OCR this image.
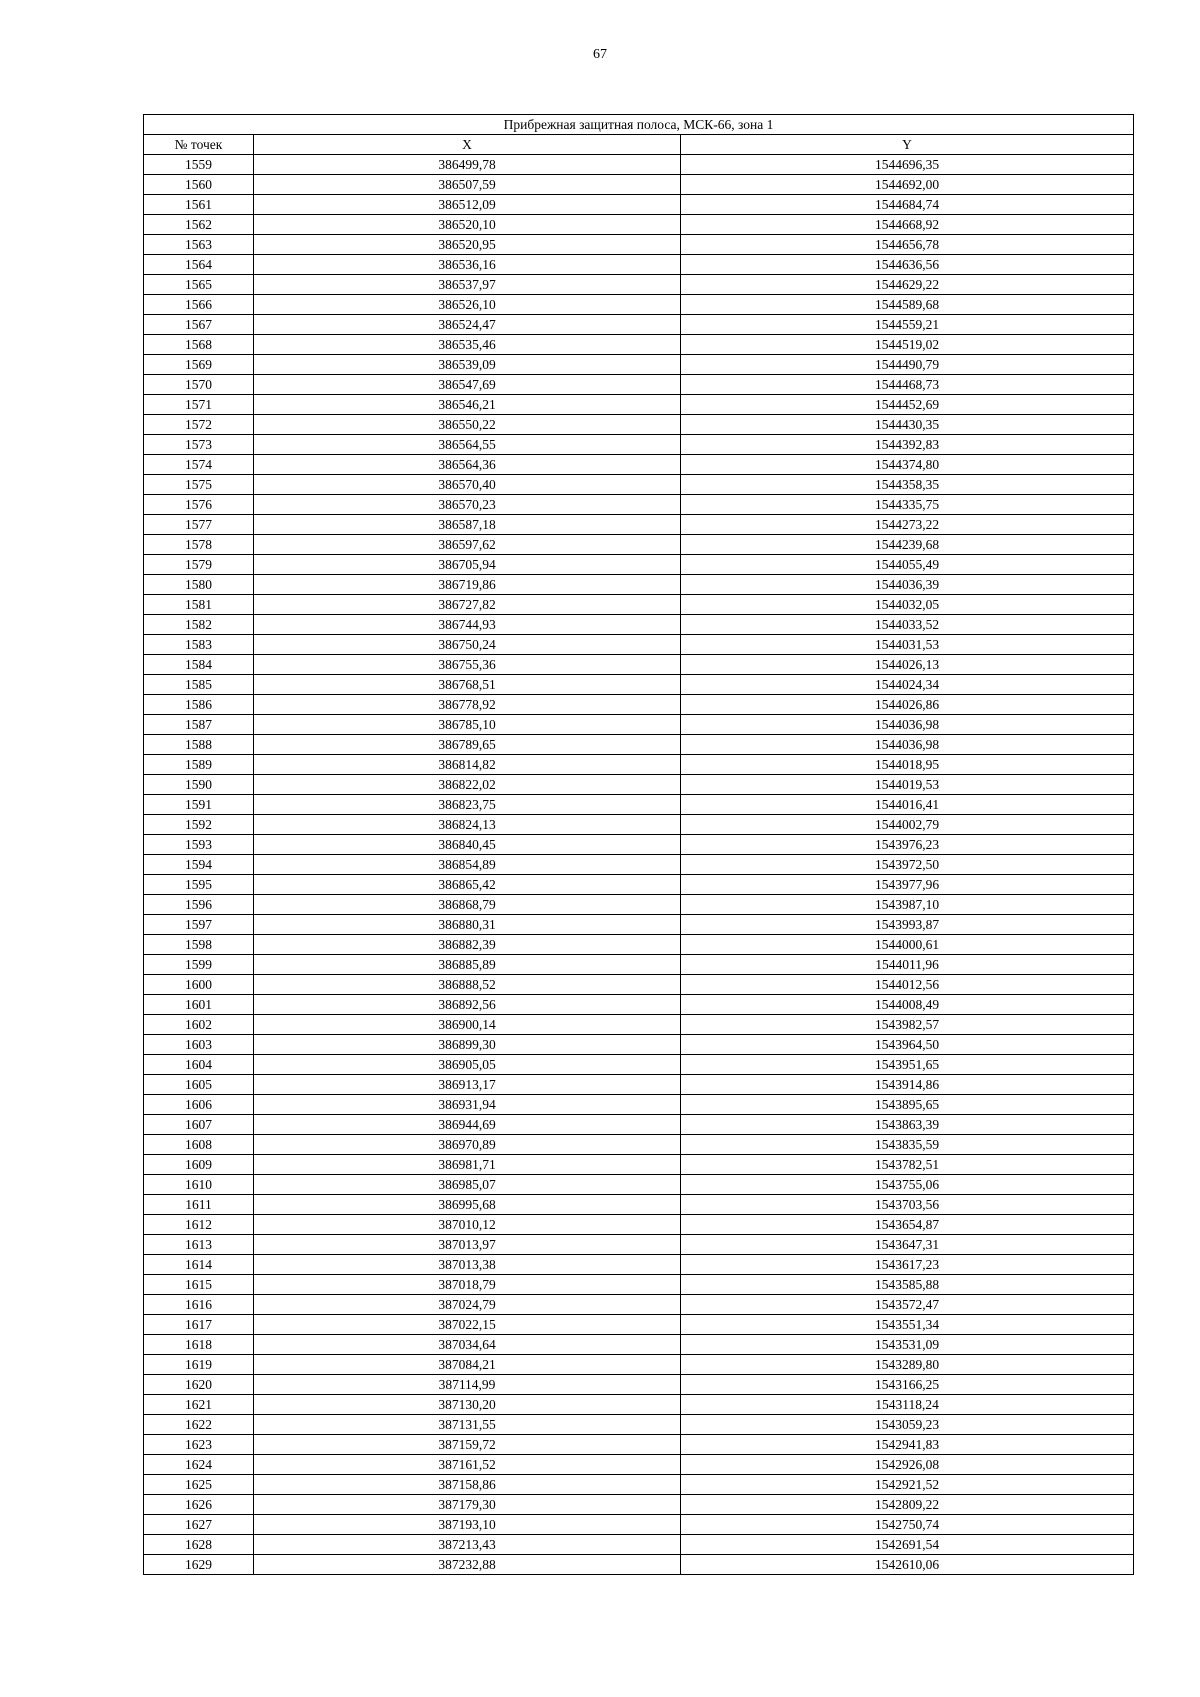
67
Прибрежная защитная полоса, МСК-66, зона 1		
№ точек	X	Y
1559	386499,78	1544696,35
1560	386507,59	1544692,00
1561	386512,09	1544684,74
1562	386520,10	1544668,92
1563	386520,95	1544656,78
1564	386536,16	1544636,56
1565	386537,97	1544629,22
1566	386526,10	1544589,68
1567	386524,47	1544559,21
1568	386535,46	1544519,02
1569	386539,09	1544490,79
1570	386547,69	1544468,73
1571	386546,21	1544452,69
1572	386550,22	1544430,35
1573	386564,55	1544392,83
1574	386564,36	1544374,80
1575	386570,40	1544358,35
1576	386570,23	1544335,75
1577	386587,18	1544273,22
1578	386597,62	1544239,68
1579	386705,94	1544055,49
1580	386719,86	1544036,39
1581	386727,82	1544032,05
1582	386744,93	1544033,52
1583	386750,24	1544031,53
1584	386755,36	1544026,13
1585	386768,51	1544024,34
1586	386778,92	1544026,86
1587	386785,10	1544036,98
1588	386789,65	1544036,98
1589	386814,82	1544018,95
1590	386822,02	1544019,53
1591	386823,75	1544016,41
1592	386824,13	1544002,79
1593	386840,45	1543976,23
1594	386854,89	1543972,50
1595	386865,42	1543977,96
1596	386868,79	1543987,10
1597	386880,31	1543993,87
1598	386882,39	1544000,61
1599	386885,89	1544011,96
1600	386888,52	1544012,56
1601	386892,56	1544008,49
1602	386900,14	1543982,57
1603	386899,30	1543964,50
1604	386905,05	1543951,65
1605	386913,17	1543914,86
1606	386931,94	1543895,65
1607	386944,69	1543863,39
1608	386970,89	1543835,59
1609	386981,71	1543782,51
1610	386985,07	1543755,06
1611	386995,68	1543703,56
1612	387010,12	1543654,87
1613	387013,97	1543647,31
1614	387013,38	1543617,23
1615	387018,79	1543585,88
1616	387024,79	1543572,47
1617	387022,15	1543551,34
1618	387034,64	1543531,09
1619	387084,21	1543289,80
1620	387114,99	1543166,25
1621	387130,20	1543118,24
1622	387131,55	1543059,23
1623	387159,72	1542941,83
1624	387161,52	1542926,08
1625	387158,86	1542921,52
1626	387179,30	1542809,22
1627	387193,10	1542750,74
1628	387213,43	1542691,54
1629	387232,88	1542610,06
